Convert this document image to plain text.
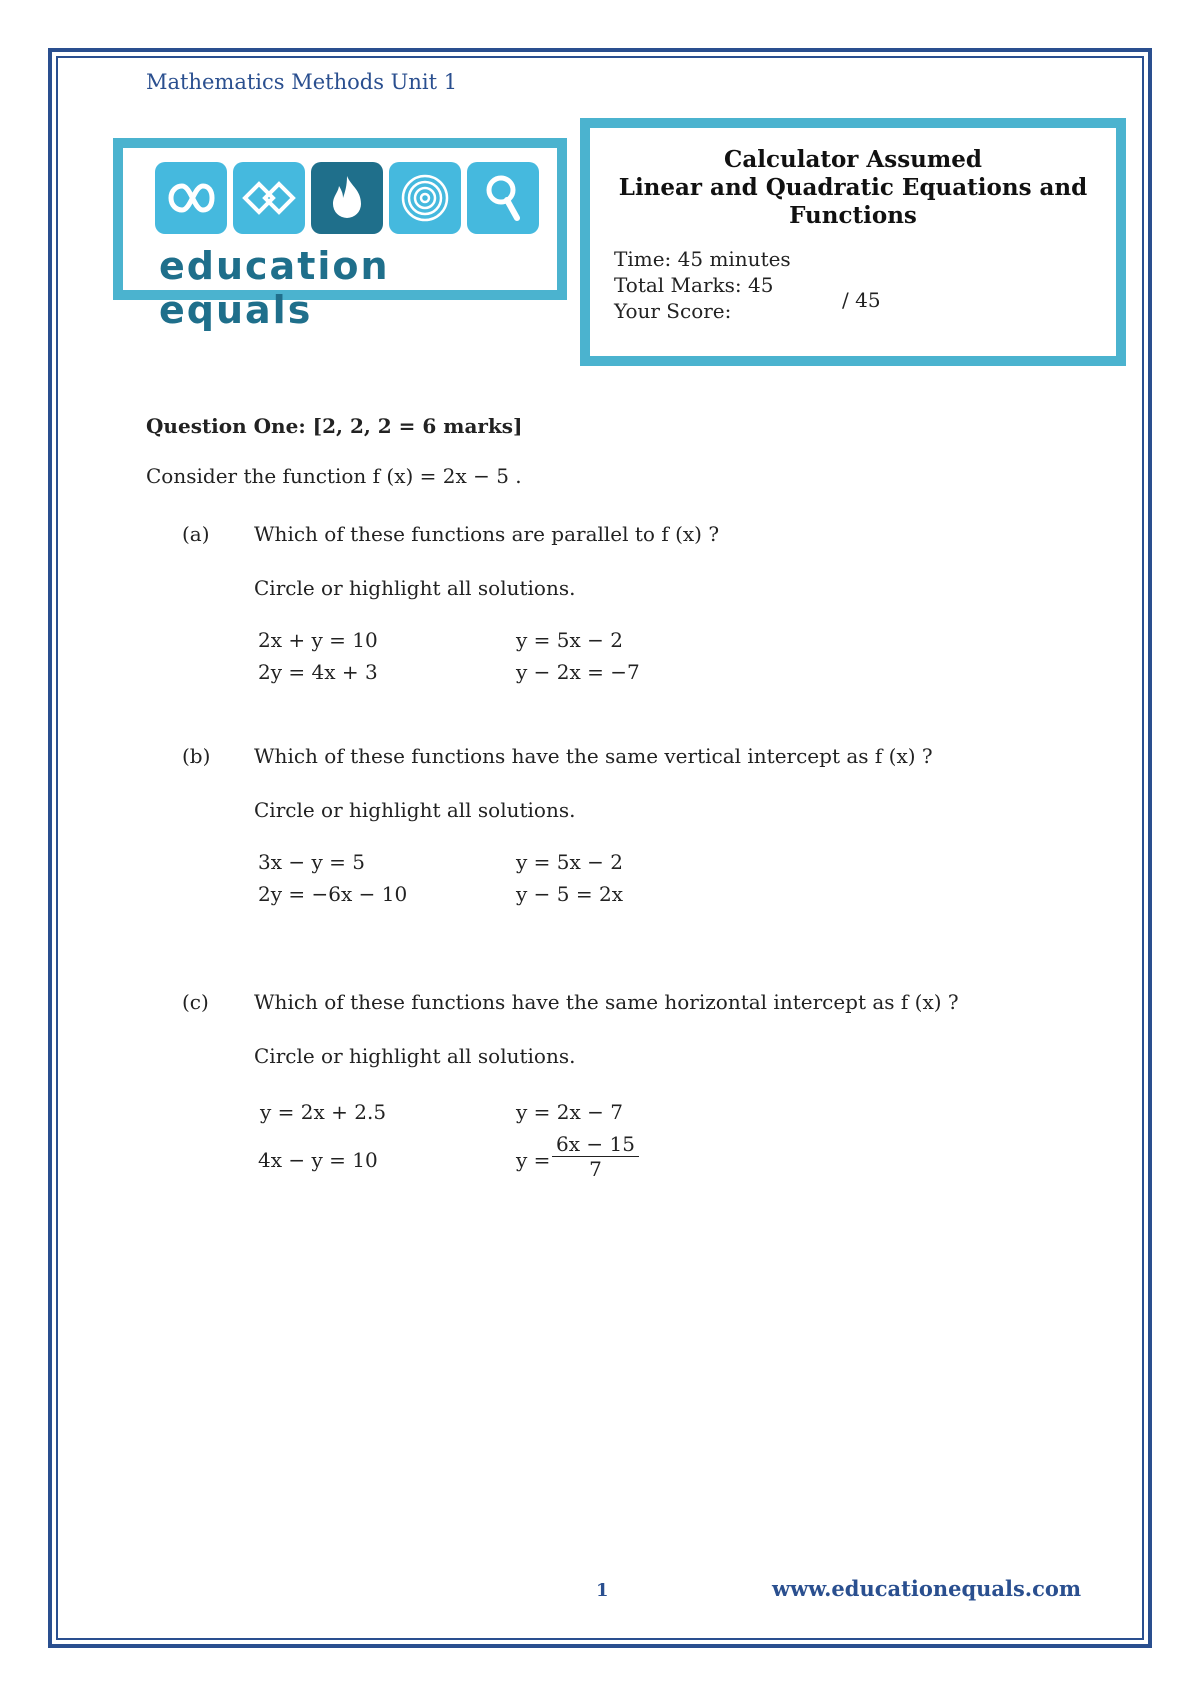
Mathematics Methods Unit 1
education equals
Calculator Assumed
Linear and Quadratic Equations and
Functions
Time: 45 minutes
Total Marks: 45
Your Score:	/ 45
Question One: [2, 2, 2 = 6 marks]
Consider the function f (x) = 2x − 5 .
(a) Which of these functions are parallel to f (x) ?
Circle or highlight all solutions.
2x + y = 10	y = 5x − 2
2y = 4x + 3	y − 2x = −7
(b) Which of these functions have the same vertical intercept as f (x) ?
Circle or highlight all solutions.
3x − y = 5	y = 5x − 2
2y = −6x − 10	y − 5 = 2x
(c) Which of these functions have the same horizontal intercept as f (x) ?
Circle or highlight all solutions.
y = 2x + 2.5	y = 2x − 7
4x − y = 10	$y = \frac{6x - 15}{7}$
1	www.educationequals.com
